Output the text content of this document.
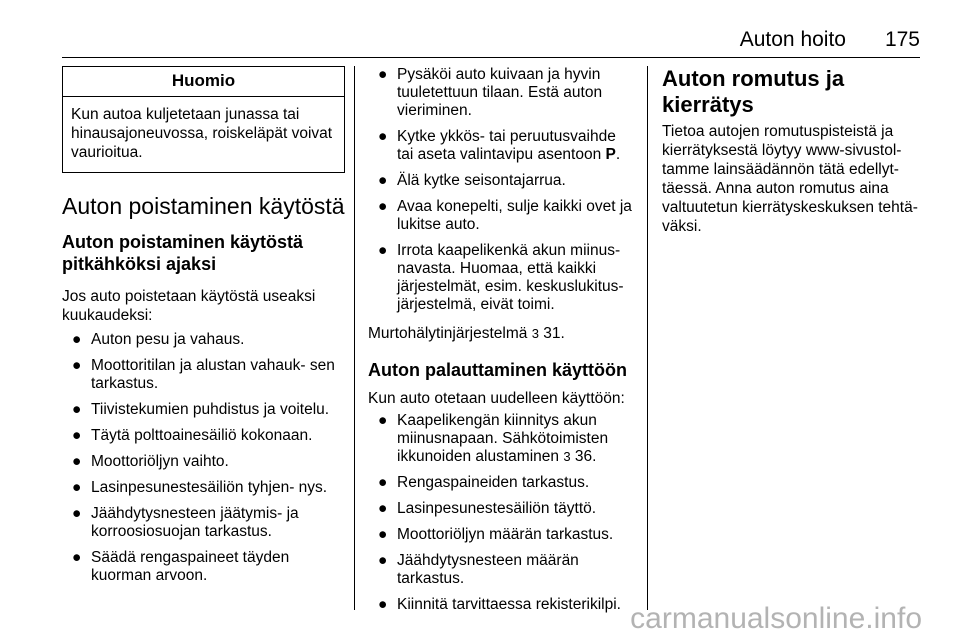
Auton hoito 175
Huomio
Kun autoa kuljetetaan junassa tai hinausajoneuvossa, roiskeläpät voivat vaurioitua.
Auton poistaminen käytöstä
Auton poistaminen käytöstä pitkähköksi ajaksi

Jos auto poistetaan käytöstä useaksi kuukaudeksi:

● Auton pesu ja vahaus.
● Moottoritilan ja alustan vahauk- sen tarkastus.
● Tiivistekumien puhdistus ja voitelu.
● Täytä polttoainesäiliö kokonaan.
● Moottoriöljyn vaihto.
● Lasinpesunestesäiliön tyhjen- nys.
● Jäähdytysnesteen jäätymis- ja korroosiosuojan tarkastus.
● Säädä rengaspaineet täyden kuorman arvoon.
● Pysäköi auto kuivaan ja hyvin tuuletettuun tilaan. Estä auton vieriminen.
● Kytke ykkös- tai peruutusvaihde tai aseta valintavipu asentoon P.
● Älä kytke seisontajarrua.
● Avaa konepelti, sulje kaikki ovet ja lukitse auto.
● Irrota kaapelikenkä akun miinus- navasta. Huomaa, että kaikki järjestelmät, esim. keskuslukitus- järjestelmä, eivät toimi.

Murtohälytinjärjestelmä 3 31.

Auton palauttaminen käyttöön

Kun auto otetaan uudelleen käyttöön:

● Kaapelikengän kiinnitys akun miinusnapaan. Sähkötoimisten ikkunoiden alustaminen 3 36.
● Rengaspaineiden tarkastus.
● Lasinpesunestesäiliön täyttö.
● Moottoriöljyn määrän tarkastus.
● Jäähdytysnesteen määrän tarkastus.
● Kiinnitä tarvittaessa rekisterikilpi.
Auton romutus ja kierrätys

Tietoa autojen romutuspisteistä ja kierrätyksestä löytyy www-sivustol- tamme lainsäädännön tätä edellyt- täessä. Anna auton romutus aina valtuutetun kierrätyskeskuksen tehtä- väksi.

carmanualsonline.info
